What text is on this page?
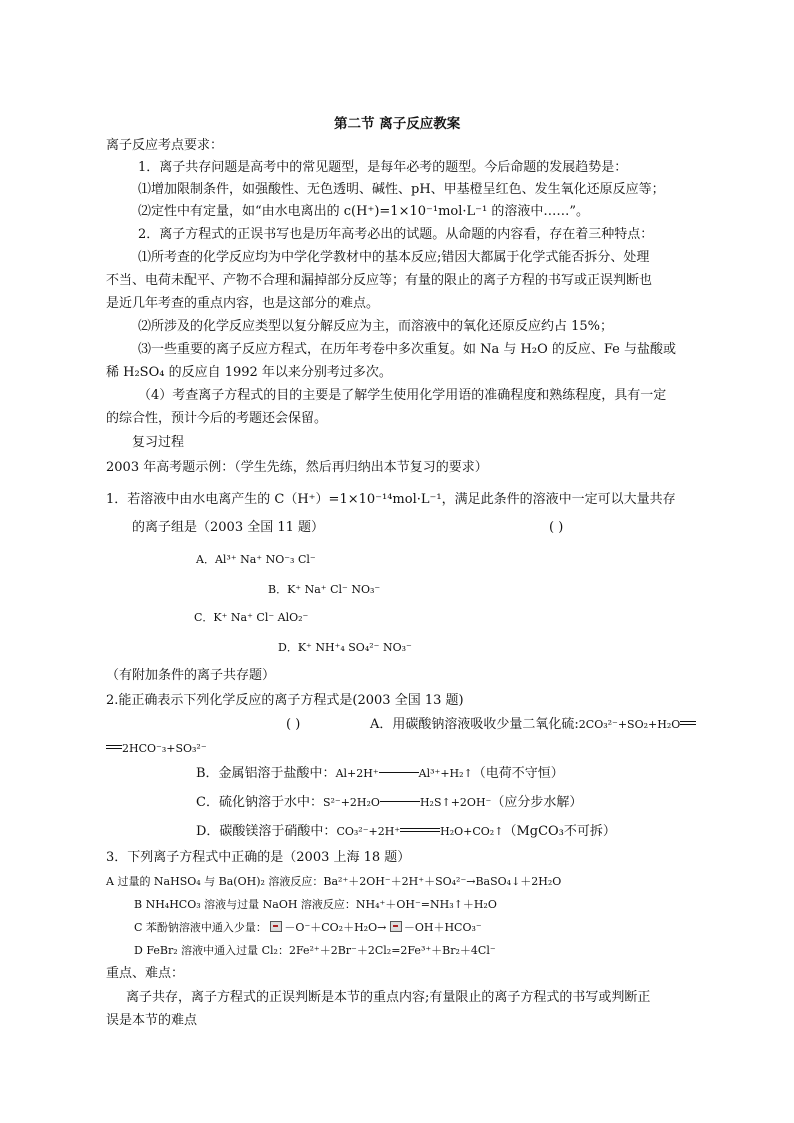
第二节 离子反应教案
离子反应考点要求：
1．离子共存问题是高考中的常见题型，是每年必考的题型。今后命题的发展趋势是：
⑴增加限制条件，如强酸性、无色透明、碱性、pH、甲基橙呈红色、发生氧化还原反应等；
⑵定性中有定量，如“由水电离出的 c(H⁺)=1×10⁻¹mol·L⁻¹ 的溶液中……”。
2．离子方程式的正误书写也是历年高考必出的试题。从命题的内容看，存在着三种特点：
⑴所考查的化学反应均为中学化学教材中的基本反应;错因大都属于化学式能否拆分、处理
不当、电荷未配平、产物不合理和漏掉部分反应等；有量的限止的离子方程的书写或正误判断也
是近几年考查的重点内容，也是这部分的难点。
⑵所涉及的化学反应类型以复分解反应为主，而溶液中的氧化还原反应约占 15%；
⑶一些重要的离子反应方程式，在历年考卷中多次重复。如 Na 与 H₂O 的反应、Fe 与盐酸或
稀 H₂SO₄ 的反应自 1992 年以来分别考过多次。
（4）考查离子方程式的目的主要是了解学生使用化学用语的准确程度和熟练程度，具有一定
的综合性，预计今后的考题还会保留。
复习过程
2003 年高考题示例：（学生先练，然后再归纳出本节复习的要求）
1．若溶液中由水电离产生的 C（H⁺）=1×10⁻¹⁴mol·L⁻¹，满足此条件的溶液中一定可以大量共存
的离子组是（2003 全国 11 题）	( )
A．Al³⁺ Na⁺ NO⁻₃ Cl⁻
B．K⁺ Na⁺ Cl⁻ NO₃⁻
C．K⁺ Na⁺ Cl⁻ AlO₂⁻
D．K⁺ NH⁺₄ SO₄²⁻ NO₃⁻
（有附加条件的离子共存题）
2.能正确表示下列化学反应的离子方程式是(2003 全国 13 题)
( )	A．用碳酸钠溶液吸收少量二氧化硫:2CO₃²⁻+SO₂+H₂O
2HCO⁻₃+SO₃²⁻
B．金属铝溶于盐酸中：Al+2H⁺	Al³⁺+H₂↑（电荷不守恒）
C．硫化钠溶于水中：S²⁻+2H₂O	H₂S↑+2OH⁻（应分步水解）
D．碳酸镁溶于硝酸中：CO₃²⁻+2H⁺	H₂O+CO₂↑（MgCO₃不可拆）
3．下列离子方程式中正确的是（2003 上海 18 题）
A 过量的 NaHSO₄ 与 Ba(OH)₂ 溶液反应：Ba²⁺＋2OH⁻＋2H⁺＋SO₄²⁻→BaSO₄↓＋2H₂O
B NH₄HCO₃ 溶液与过量 NaOH 溶液反应：NH₄⁺＋OH⁻=NH₃↑＋H₂O
C 苯酚钠溶液中通入少量： －O⁻＋CO₂＋H₂O→ －OH＋HCO₃⁻
D FeBr₂ 溶液中通入过量 Cl₂：2Fe²⁺＋2Br⁻＋2Cl₂=2Fe³⁺＋Br₂＋4Cl⁻
重点、难点：
离子共存，离子方程式的正误判断是本节的重点内容;有量限止的离子方程式的书写或判断正
误是本节的难点
